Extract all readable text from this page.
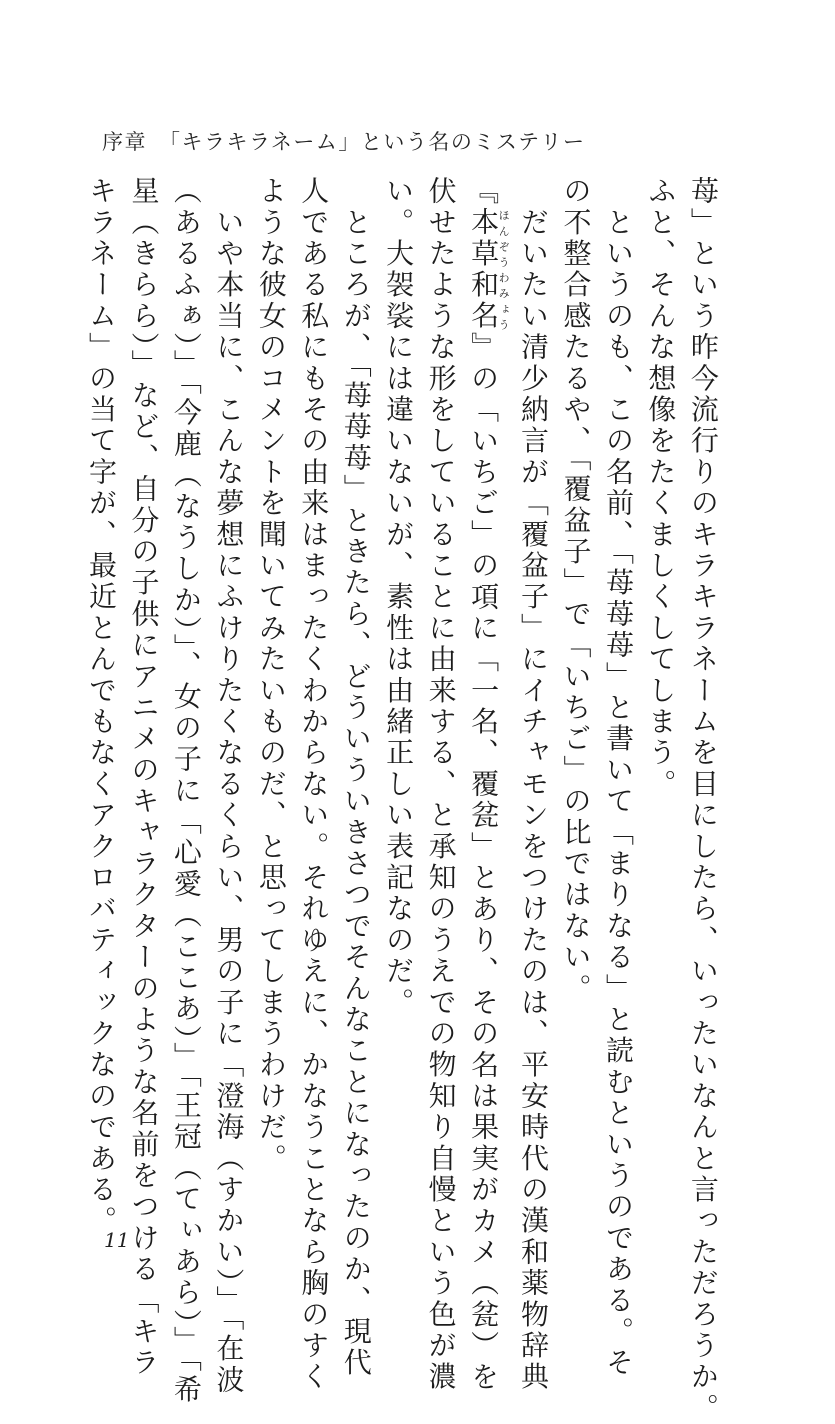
序章　「キラキラネーム」という名のミステリー
苺」という昨今流行りのキラキラネームを目にしたら、いったいなんと言っただろうか。
ふと、そんな想像をたくましくしてしまう。
　というのも、この名前、「苺苺苺」と書いて「まりなる」と読むというのである。そ
の不整合感たるや、「覆盆子」で「いちご」の比ではない。
　だいたい清少納言が「覆盆子」にイチャモンをつけたのは、平安時代の漢和薬物辞典
『本草和名ほんぞうわみょう』の「いちご」の項に「一名、覆瓫」とあり、その名は果実がカメ（瓫）を
伏せたような形をしていることに由来する、と承知のうえでの物知り自慢という色が濃
い。大袈裟には違いないが、素性は由緒正しい表記なのだ。
　ところが、「苺苺苺」ときたら、どういういきさつでそんなことになったのか、現代
人である私にもその由来はまったくわからない。それゆえに、かなうことなら胸のすく
ような彼女のコメントを聞いてみたいものだ、と思ってしまうわけだ。
　いや本当に、こんな夢想にふけりたくなるくらい、男の子に「澄海（すかい）」「在波
（あるふぁ）」「今鹿（なうしか）」、女の子に「心愛（ここあ）」「王冠（てぃあら）」「希
星（きらら）」など、自分の子供にアニメのキャラクターのような名前をつける「キラ
キラネーム」の当て字が、最近とんでもなくアクロバティックなのである。
11
